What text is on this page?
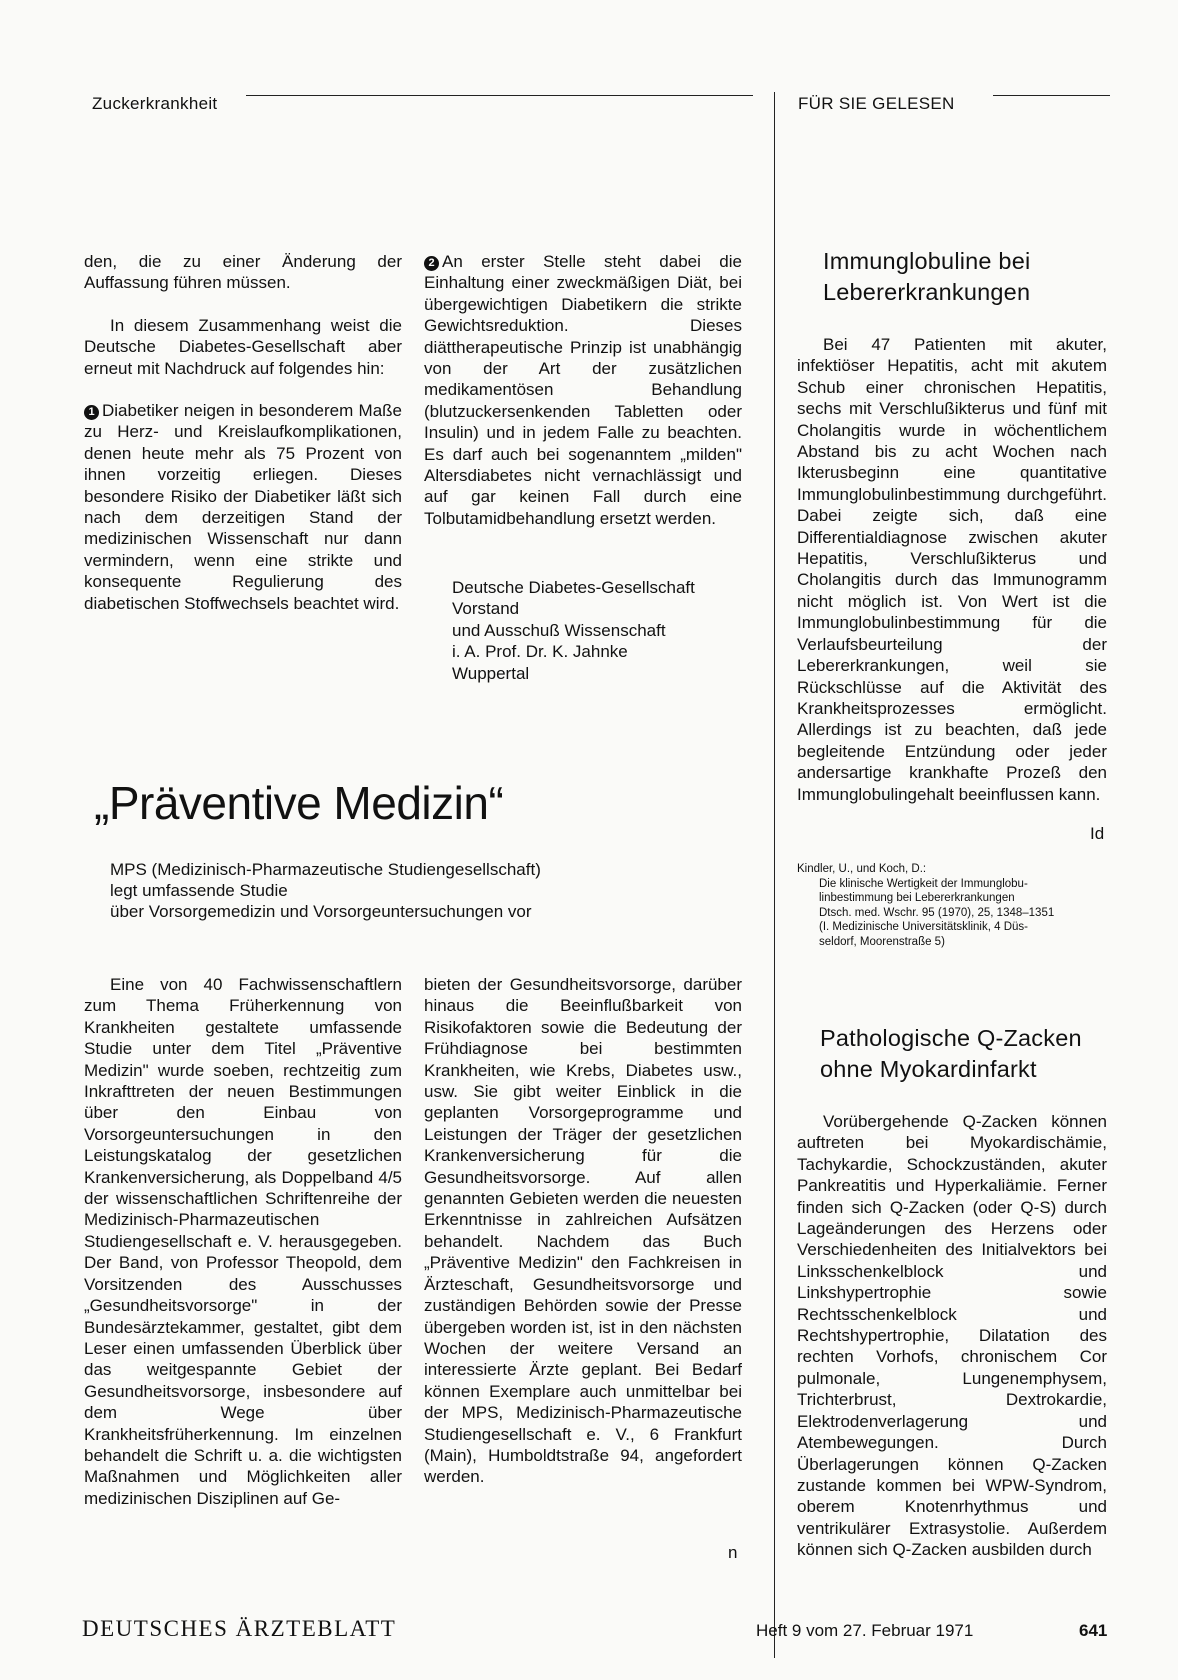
Zuckerkrankheit	FÜR SIE GELESEN

den, die zu einer Änderung der Auffassung führen müssen.

In diesem Zusammenhang weist die Deutsche Diabetes-Gesellschaft aber erneut mit Nachdruck auf folgendes hin:

1 Diabetiker neigen in besonderem Maße zu Herz- und Kreislaufkomplikationen, denen heute mehr als 75 Prozent von ihnen vorzeitig erliegen. Dieses besondere Risiko der Diabetiker läßt sich nach dem derzeitigen Stand der medizinischen Wissenschaft nur dann vermindern, wenn eine strikte und konsequente Regulierung des diabetischen Stoffwechsels beachtet wird.

2 An erster Stelle steht dabei die Einhaltung einer zweckmäßigen Diät, bei übergewichtigen Diabetikern die strikte Gewichtsreduktion. Dieses diättherapeutische Prinzip ist unabhängig von der Art der zusätzlichen medikamentösen Behandlung (blutzuckersenkenden Tabletten oder Insulin) und in jedem Falle zu beachten. Es darf auch bei sogenanntem „milden" Altersdiabetes nicht vernachlässigt und auf gar keinen Fall durch eine Tolbutamidbehandlung ersetzt werden.

Deutsche Diabetes-Gesellschaft
Vorstand
und Ausschuß Wissenschaft
i. A. Prof. Dr. K. Jahnke
Wuppertal
„Präventive Medizin“
MPS (Medizinisch-Pharmazeutische Studiengesellschaft)
legt umfassende Studie
über Vorsorgemedizin und Vorsorgeuntersuchungen vor

Eine von 40 Fachwissenschaftlern zum Thema Früherkennung von Krankheiten gestaltete umfassende Studie unter dem Titel „Präventive Medizin" wurde soeben, rechtzeitig zum Inkrafttreten der neuen Bestimmungen über den Einbau von Vorsorgeuntersuchungen in den Leistungskatalog der gesetzlichen Krankenversicherung, als Doppelband 4/5 der wissenschaftlichen Schriftenreihe der Medizinisch-Pharmazeutischen Studiengesellschaft e. V. herausgegeben. Der Band, von Professor Theopold, dem Vorsitzenden des Ausschusses „Gesundheitsvorsorge" in der Bundesärztekammer, gestaltet, gibt dem Leser einen umfassenden Überblick über das weitgespannte Gebiet der Gesundheitsvorsorge, insbesondere auf dem Wege über Krankheitsfrüherkennung. Im einzelnen behandelt die Schrift u. a. die wichtigsten Maßnahmen und Möglichkeiten aller medizinischen Disziplinen auf Ge-

bieten der Gesundheitsvorsorge, darüber hinaus die Beeinflußbarkeit von Risikofaktoren sowie die Bedeutung der Frühdiagnose bei bestimmten Krankheiten, wie Krebs, Diabetes usw., usw. Sie gibt weiter Einblick in die geplanten Vorsorgeprogramme und Leistungen der Träger der gesetzlichen Krankenversicherung für die Gesundheitsvorsorge. Auf allen genannten Gebieten werden die neuesten Erkenntnisse in zahlreichen Aufsätzen behandelt. Nachdem das Buch „Präventive Medizin" den Fachkreisen in Ärzteschaft, Gesundheitsvorsorge und zuständigen Behörden sowie der Presse übergeben worden ist, ist in den nächsten Wochen der weitere Versand an interessierte Ärzte geplant. Bei Bedarf können Exemplare auch unmittelbar bei der MPS, Medizinisch-Pharmazeutische Studiengesellschaft e. V., 6 Frankfurt (Main), Humboldtstraße 94, angefordert werden.

n
Immunglobuline bei
Lebererkrankungen

Bei 47 Patienten mit akuter, infektiöser Hepatitis, acht mit akutem Schub einer chronischen Hepatitis, sechs mit Verschlußikterus und fünf mit Cholangitis wurde in wöchentlichem Abstand bis zu acht Wochen nach Ikterusbeginn eine quantitative Immunglobulinbestimmung durchgeführt. Dabei zeigte sich, daß eine Differentialdiagnose zwischen akuter Hepatitis, Verschlußikterus und Cholangitis durch das Immunogramm nicht möglich ist. Von Wert ist die Immunglobulinbestimmung für die Verlaufsbeurteilung der Lebererkrankungen, weil sie Rückschlüsse auf die Aktivität des Krankheitsprozesses ermöglicht. Allerdings ist zu beachten, daß jede begleitende Entzündung oder jeder andersartige krankhafte Prozeß den Immunglobulingehalt beeinflussen kann.

Id
Kindler, U., und Koch, D.:
Die klinische Wertigkeit der Immunglobu-
linbestimmung bei Lebererkrankungen
Dtsch. med. Wschr. 95 (1970), 25, 1348–1351
(I. Medizinische Universitätsklinik, 4 Düs-
seldorf, Moorenstraße 5)
Pathologische Q-Zacken
ohne Myokardinfarkt

Vorübergehende Q-Zacken können auftreten bei Myokardischämie, Tachykardie, Schockzuständen, akuter Pankreatitis und Hyperkaliämie. Ferner finden sich Q-Zacken (oder Q-S) durch Lageänderungen des Herzens oder Verschiedenheiten des Initialvektors bei Linksschenkelblock und Linkshypertrophie sowie Rechtsschenkelblock und Rechtshypertrophie, Dilatation des rechten Vorhofs, chronischem Cor pulmonale, Lungenemphysem, Trichterbrust, Dextrokardie, Elektrodenverlagerung und Atembewegungen. Durch Überlagerungen können Q-Zacken zustande kommen bei WPW-Syndrom, oberem Knotenrhythmus und ventrikulärer Extrasystolie. Außerdem können sich Q-Zacken ausbilden durch

DEUTSCHES ÄRZTEBLATT	Heft 9 vom 27. Februar 1971	641
